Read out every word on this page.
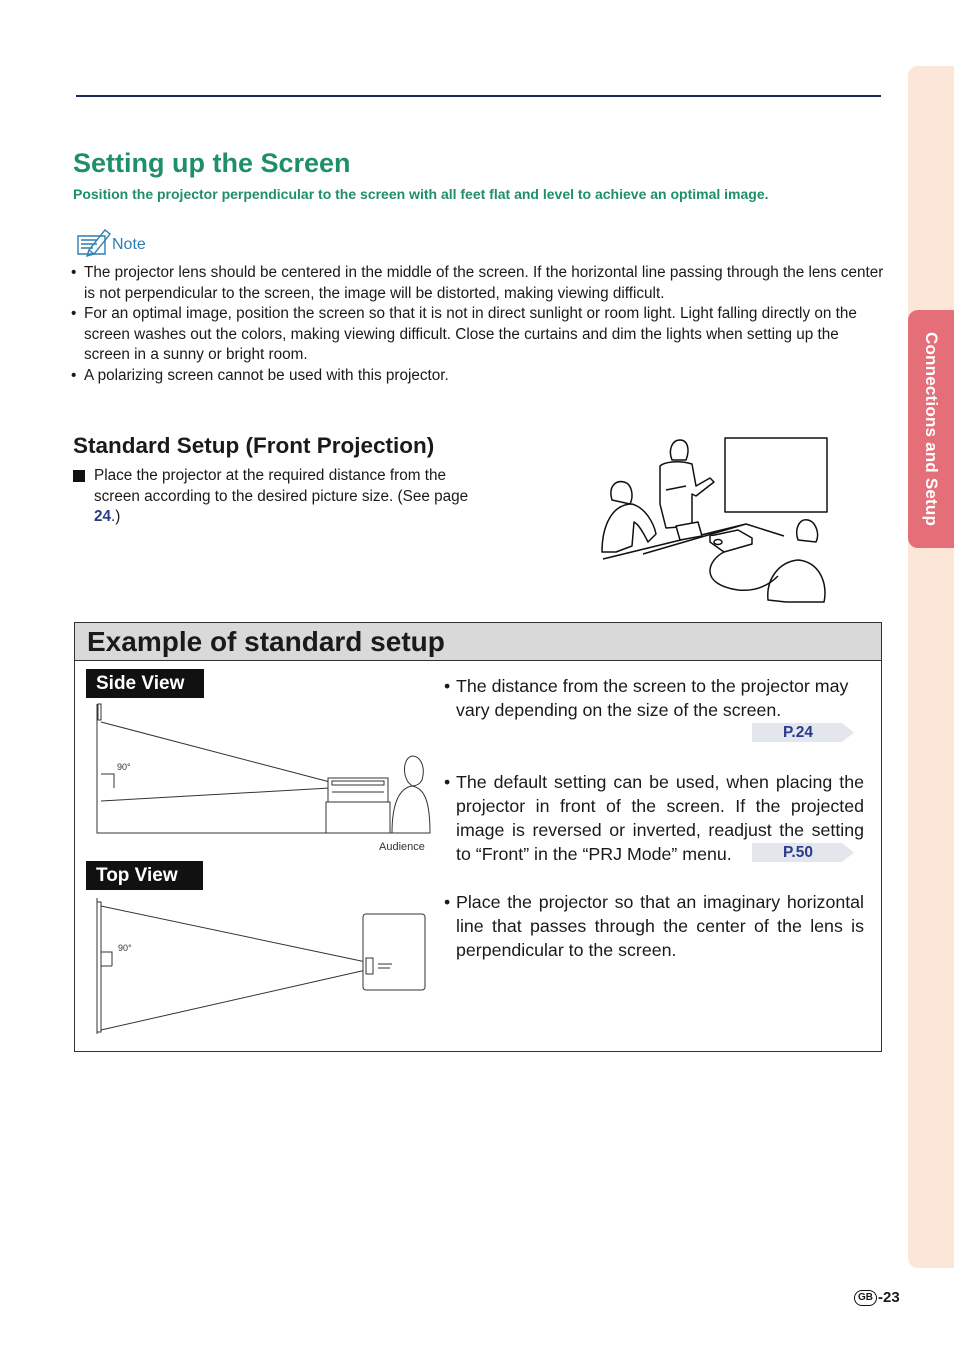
Connections and Setup
Setting up the Screen
Position the projector perpendicular to the screen with all feet flat and level to achieve an optimal image.
Note
• The projector lens should be centered in the middle of the screen. If the horizontal line passing through the lens center is not perpendicular to the screen, the image will be distorted, making viewing difficult.
• For an optimal image, position the screen so that it is not in direct sunlight or room light. Light falling directly on the screen washes out the colors, making viewing difficult. Close the curtains and dim the lights when setting up the screen in a sunny or bright room.
• A polarizing screen cannot be used with this projector.
Standard Setup (Front Projection)
Place the projector at the required distance from the screen according to the desired picture size. (See page 24.)
Example of standard setup
Side View
90°
Audience
Top View
90°
• The distance from the screen to the projector may vary depending on the size of the screen.
P.24
• The default setting can be used, when placing the projector in front of the screen. If the projected image is reversed or inverted, readjust the setting to “Front” in the “PRJ Mode” menu.	P.50
• Place the projector so that an imaginary horizontal line that passes through the center of the lens is perpendicular to the screen.
GB -23
